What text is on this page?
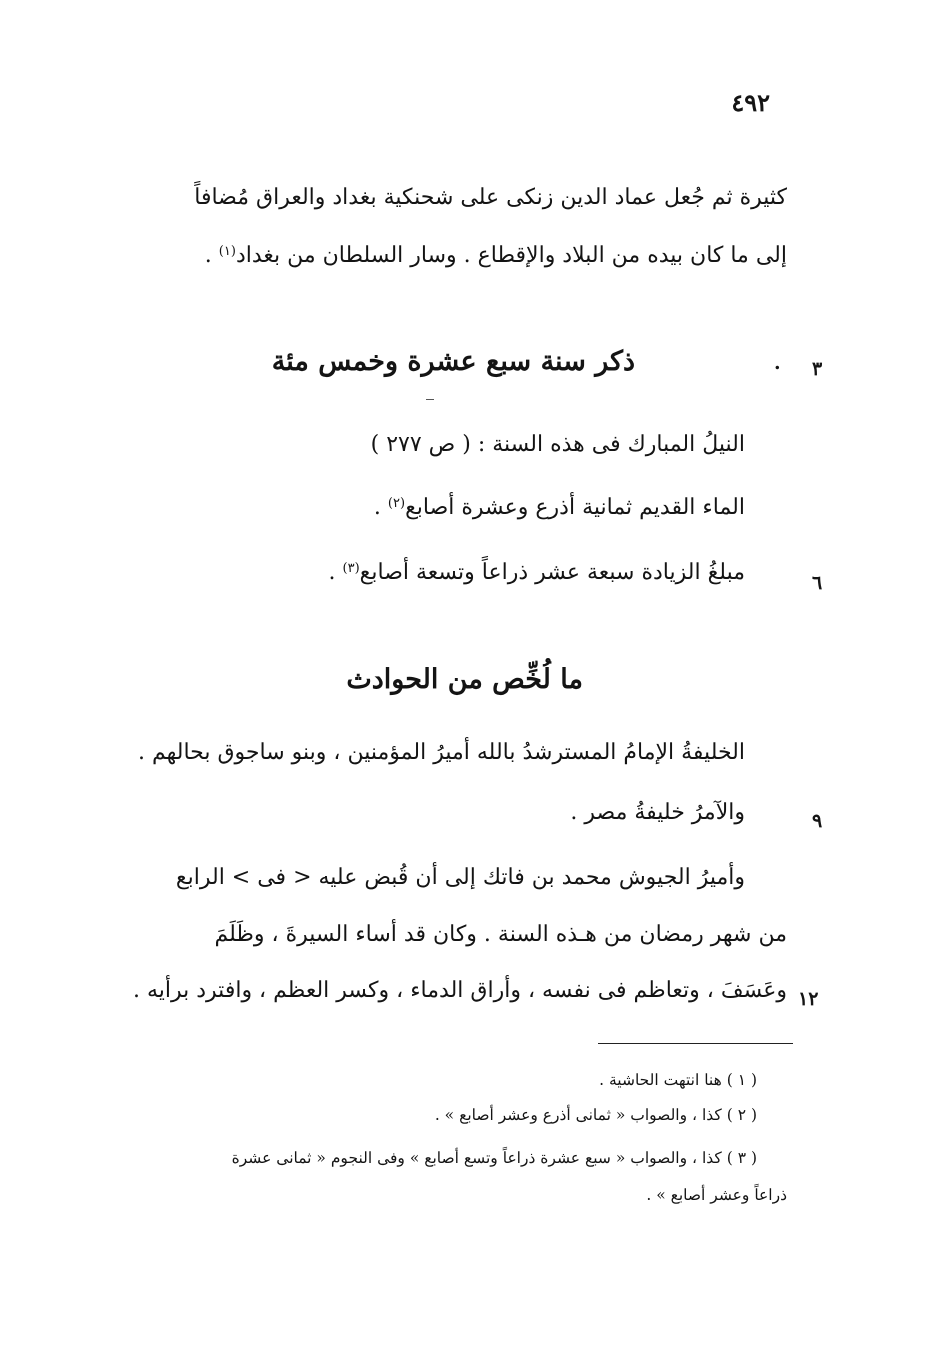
٤٩٢
كثيرة ثم جُعل عماد الدين زنكى على شحنكية بغداد والعراق مُضافاً
إلى ما كان بيده من البلاد والإقطاع . وسار السلطان من بغداد$^{(١)}$ .
ذكر سنة سبع عشرة وخمس مئة	٣
.
النيلُ المبارك فى هذه السنة : ( ص ٢٧٧ )
الماء القديم ثمانية أذرع وعشرة أصابع$^{(٢)}$ .
مبلغُ الزيادة سبعة عشر ذراعاً وتسعة أصابع$^{(٣)}$ .	٦
ما لُخِّص من الحوادث
الخليفةُ الإمامُ المسترشدُ بالله أميرُ المؤمنين ، وبنو ساجوق بحالهم .
والآمرُ خليفةُ مصر .	٩
وأميرُ الجيوش محمد بن فاتك إلى أن قُبض عليه < فى > الرابع
من شهر رمضان من هـذه السنة . وكان قد أساء السيرةَ ، وظَلَمَ
وعَسَفَ ، وتعاظم فى نفسه ، وأراق الدماء ، وكسر العظم ، وافترد برأيه . ١٢
( ١ ) هنا انتهت الحاشية .
( ٢ ) كذا ، والصواب « ثمانى أذرع وعشر أصابع » .
( ٣ ) كذا ، والصواب « سبع عشرة ذراعاً وتسع أصابع » وفى النجوم « ثمانى عشرة
ذراعاً وعشر أصابع » .
